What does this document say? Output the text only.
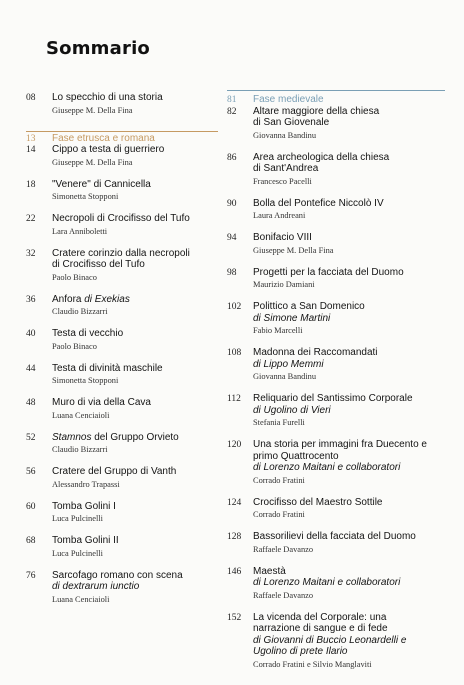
Sommario
08 Lo specchio di una storia
Giuseppe M. Della Fina
13 Fase etrusca e romana
14 Cippo a testa di guerriero
Giuseppe M. Della Fina
18 "Venere" di Cannicella
Simonetta Stopponi
22 Necropoli di Crocifisso del Tufo
Lara Anniboletti
32 Cratere corinzio dalla necropoli
di Crocifisso del Tufo
Paolo Binaco
36 Anfora di Exekias
Claudio Bizzarri
40 Testa di vecchio
Paolo Binaco
44 Testa di divinità maschile
Simonetta Stopponi
48 Muro di via della Cava
Luana Cenciaioli
52 Stamnos del Gruppo Orvieto
Claudio Bizzarri
56 Cratere del Gruppo di Vanth
Alessandro Trapassi
60 Tomba Golini I
Luca Pulcinelli
68 Tomba Golini II
Luca Pulcinelli
76 Sarcofago romano con scena
di dextrarum iunctio
Luana Cenciaioli
81 Fase medievale
82 Altare maggiore della chiesa
di San Giovenale
Giovanna Bandinu
86 Area archeologica della chiesa
di Sant'Andrea
Francesco Pacelli
90 Bolla del Pontefice Niccolò IV
Laura Andreani
94 Bonifacio VIII
Giuseppe M. Della Fina
98 Progetti per la facciata del Duomo
Maurizio Damiani
102 Polittico a San Domenico
di Simone Martini
Fabio Marcelli
108 Madonna dei Raccomandati
di Lippo Memmi
Giovanna Bandinu
112 Reliquario del Santissimo Corporale
di Ugolino di Vieri
Stefania Furelli
120 Una storia per immagini fra Duecento e
primo Quattrocento
di Lorenzo Maitani e collaboratori
Corrado Fratini
124 Crocifisso del Maestro Sottile
Corrado Fratini
128 Bassorilievi della facciata del Duomo
Raffaele Davanzo
146 Maestà
di Lorenzo Maitani e collaboratori
Raffaele Davanzo
152 La vicenda del Corporale: una
narrazione di sangue e di fede
di Giovanni di Buccio Leonardelli e
Ugolino di prete Ilario
Corrado Fratini e Silvio Manglaviti
